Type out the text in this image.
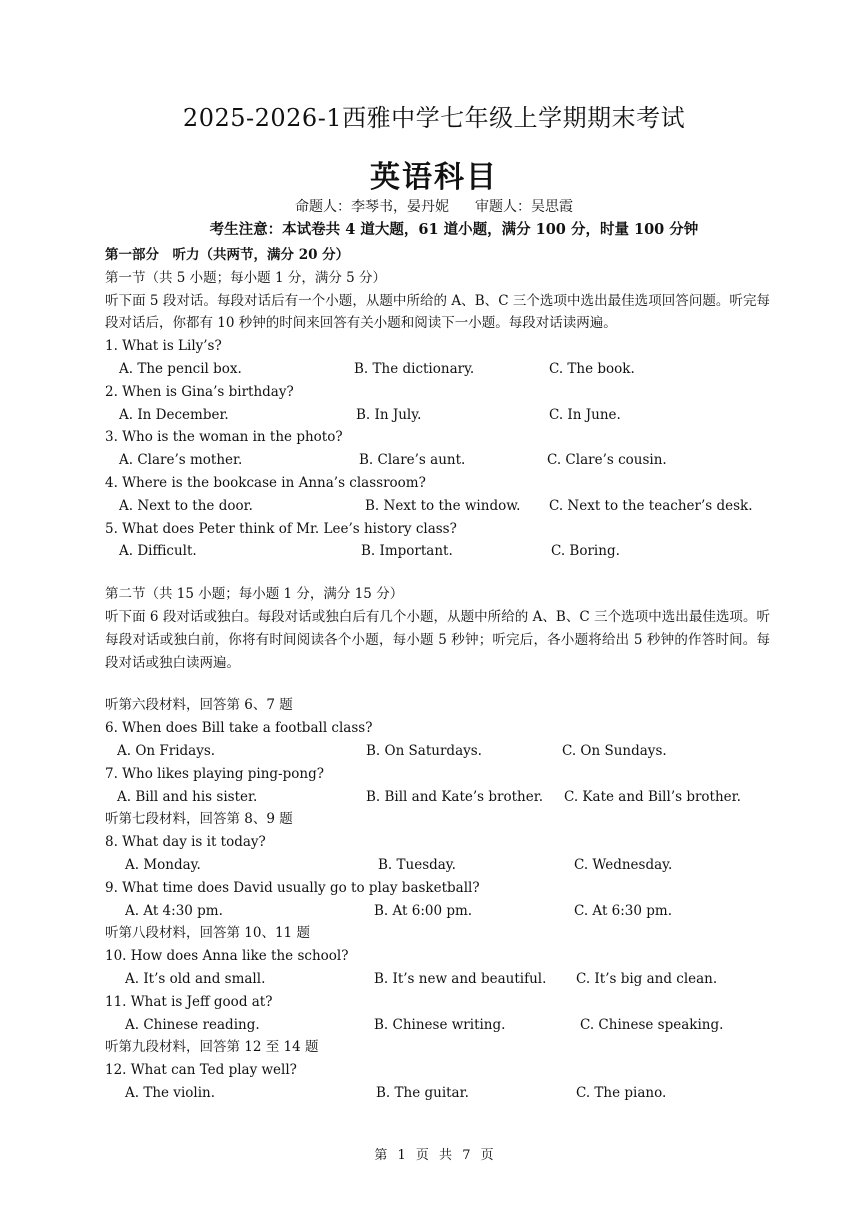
2025-2026-1西雅中学七年级上学期期末考试
英语科目
命题人：李琴书，晏丹妮 审题人：吴思霞
考生注意：本试卷共 4 道大题，61 道小题，满分 100 分，时量 100 分钟
第一部分　听力（共两节，满分 20 分）
第一节（共 5 小题；每小题 1 分，满分 5 分）
听下面 5 段对话。每段对话后有一个小题，从题中所给的 A、B、C 三个选项中选出最佳选项回答问题。听完每段对话后，你都有 10 秒钟的时间来回答有关小题和阅读下一小题。每段对话读两遍。
1. What is Lily’s?
A. The pencil box.	B. The dictionary.	C. The book.
2. When is Gina’s birthday?
A. In December.	B. In July.	C. In June.
3. Who is the woman in the photo?
A. Clare’s mother.	B. Clare’s aunt.	C. Clare’s cousin.
4. Where is the bookcase in Anna’s classroom?
A. Next to the door.	B. Next to the window.	C. Next to the teacher’s desk.
5. What does Peter think of Mr. Lee’s history class?
A. Difficult.	B. Important.	C. Boring.
第二节（共 15 小题；每小题 1 分，满分 15 分）
听下面 6 段对话或独白。每段对话或独白后有几个小题，从题中所给的 A、B、C 三个选项中选出最佳选项。听每段对话或独白前，你将有时间阅读各个小题，每小题 5 秒钟；听完后，各小题将给出 5 秒钟的作答时间。每段对话或独白读两遍。
听第六段材料，回答第 6、7 题
6. When does Bill take a football class?
A. On Fridays.	B. On Saturdays.	C. On Sundays.
7. Who likes playing ping-pong?
A. Bill and his sister.	B. Bill and Kate’s brother.	C. Kate and Bill’s brother.
听第七段材料，回答第 8、9 题
8. What day is it today?
A. Monday.	B. Tuesday.	C. Wednesday.
9. What time does David usually go to play basketball?
A. At 4:30 pm.	B. At 6:00 pm.	C. At 6:30 pm.
听第八段材料，回答第 10、11 题
10. How does Anna like the school?
A. It’s old and small.	B. It’s new and beautiful.	C. It’s big and clean.
11. What is Jeff good at?
A. Chinese reading.	B. Chinese writing.	C. Chinese speaking.
听第九段材料，回答第 12 至 14 题
12. What can Ted play well?
A. The violin.	B. The guitar.	C. The piano.
第 1 页 共 7 页
